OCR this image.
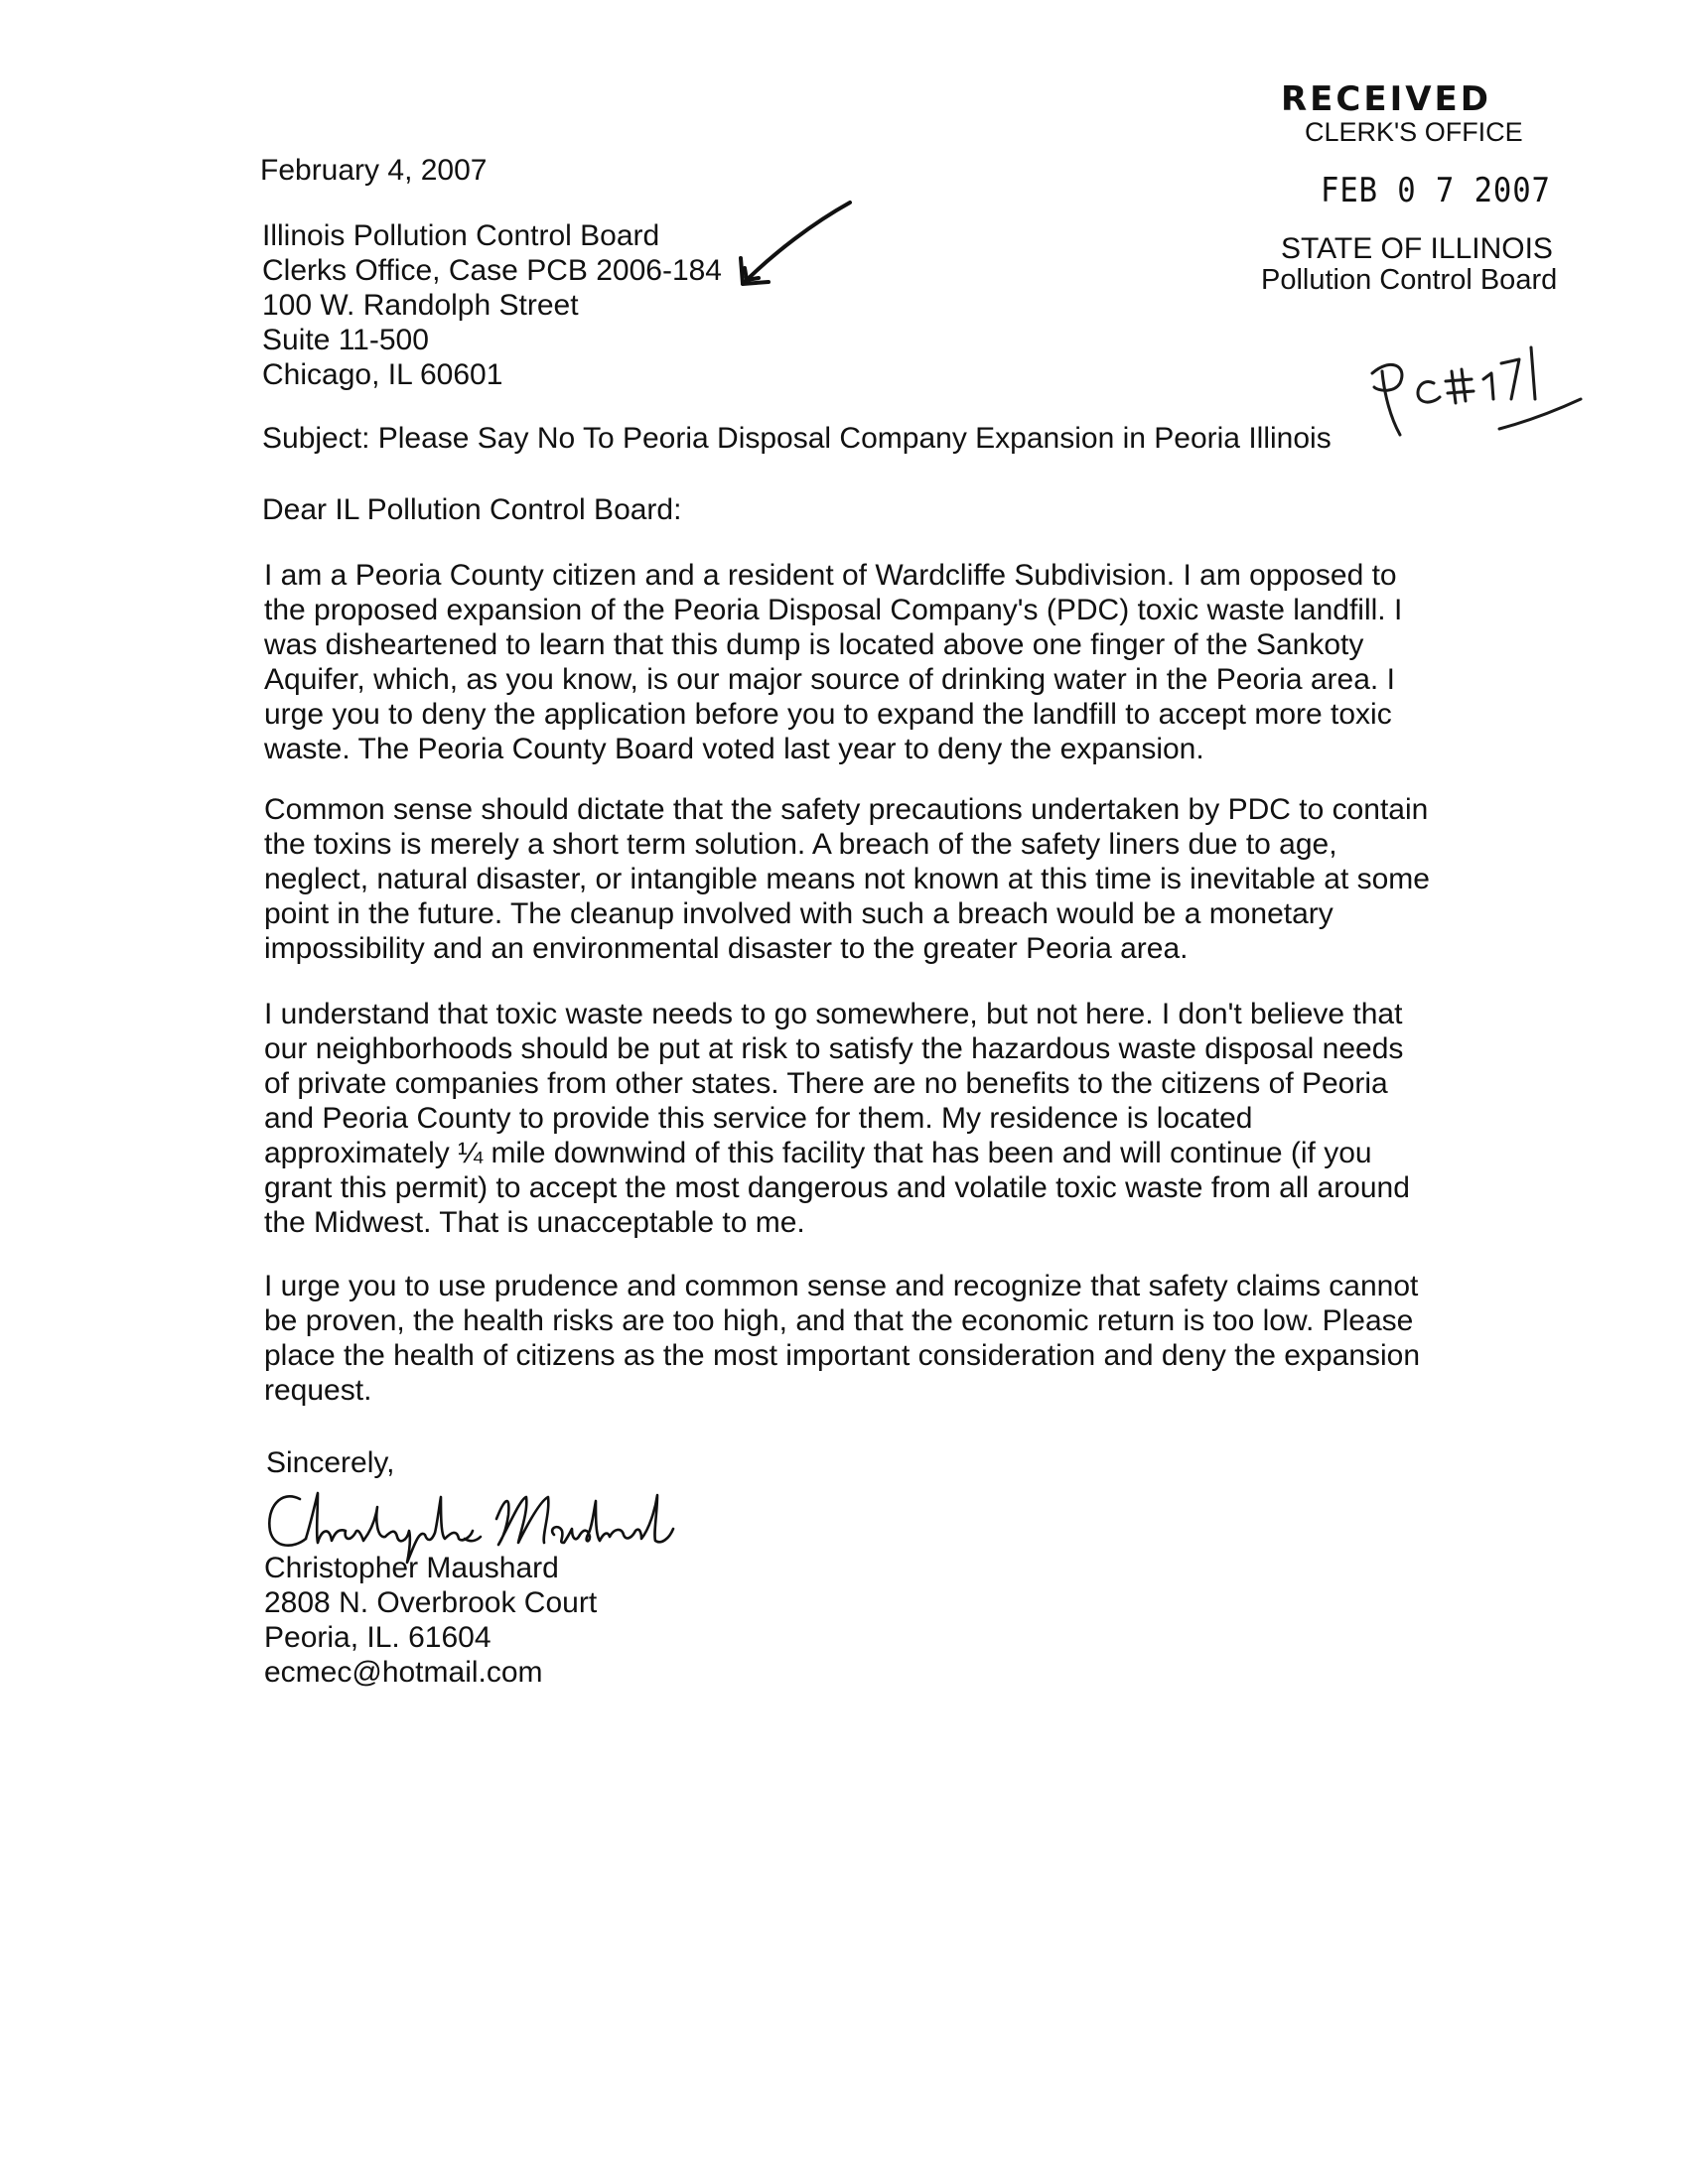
RECEIVED
CLERK'S OFFICE
FEB 0 7 2007
STATE OF ILLINOIS
Pollution Control Board
February 4, 2007
Illinois Pollution Control Board
Clerks Office, Case PCB 2006-184
100 W. Randolph Street
Suite 11-500
Chicago, IL 60601
Subject: Please Say No To Peoria Disposal Company Expansion in Peoria Illinois
Dear IL Pollution Control Board:
I am a Peoria County citizen and a resident of Wardcliffe Subdivision. I am opposed to
the proposed expansion of the Peoria Disposal Company's (PDC) toxic waste landfill. I
was disheartened to learn that this dump is located above one finger of the Sankoty
Aquifer, which, as you know, is our major source of drinking water in the Peoria area. I
urge you to deny the application before you to expand the landfill to accept more toxic
waste. The Peoria County Board voted last year to deny the expansion.
Common sense should dictate that the safety precautions undertaken by PDC to contain
the toxins is merely a short term solution. A breach of the safety liners due to age,
neglect, natural disaster, or intangible means not known at this time is inevitable at some
point in the future. The cleanup involved with such a breach would be a monetary
impossibility and an environmental disaster to the greater Peoria area.
I understand that toxic waste needs to go somewhere, but not here. I don't believe that
our neighborhoods should be put at risk to satisfy the hazardous waste disposal needs
of private companies from other states. There are no benefits to the citizens of Peoria
and Peoria County to provide this service for them. My residence is located
approximately ¼ mile downwind of this facility that has been and will continue (if you
grant this permit) to accept the most dangerous and volatile toxic waste from all around
the Midwest. That is unacceptable to me.
I urge you to use prudence and common sense and recognize that safety claims cannot
be proven, the health risks are too high, and that the economic return is too low. Please
place the health of citizens as the most important consideration and deny the expansion
request.
Sincerely,
Christopher Maushard
2808 N. Overbrook Court
Peoria, IL. 61604
ecmec@hotmail.com
